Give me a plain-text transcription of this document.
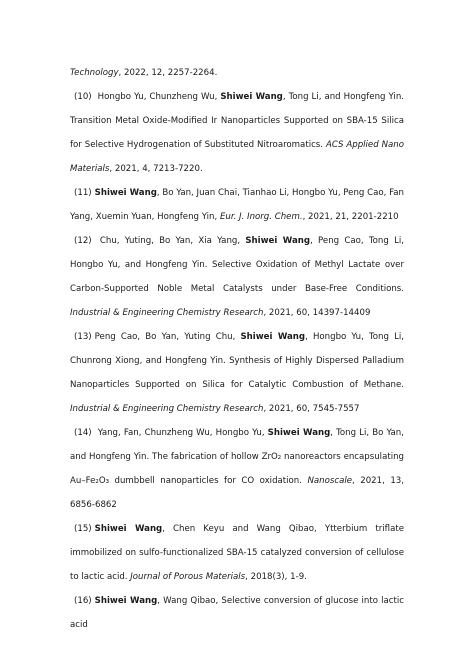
Technology, 2022, 12, 2257-2264.

(10) Hongbo Yu, Chunzheng Wu, Shiwei Wang, Tong Li, and Hongfeng Yin. Transition Metal Oxide-Modified Ir Nanoparticles Supported on SBA-15 Silica for Selective Hydrogenation of Substituted Nitroaromatics. ACS Applied Nano Materials, 2021, 4, 7213-7220.

(11) Shiwei Wang, Bo Yan, Juan Chai, Tianhao Li, Hongbo Yu, Peng Cao, Fan Yang, Xuemin Yuan, Hongfeng Yin, Eur. J. Inorg. Chem., 2021, 21, 2201-2210

(12) Chu, Yuting, Bo Yan, Xia Yang, Shiwei Wang, Peng Cao, Tong Li, Hongbo Yu, and Hongfeng Yin. Selective Oxidation of Methyl Lactate over Carbon-Supported Noble Metal Catalysts under Base-Free Conditions. Industrial & Engineering Chemistry Research, 2021, 60, 14397-14409

(13) Peng Cao, Bo Yan, Yuting Chu, Shiwei Wang, Hongbo Yu, Tong Li, Chunrong Xiong, and Hongfeng Yin. Synthesis of Highly Dispersed Palladium Nanoparticles Supported on Silica for Catalytic Combustion of Methane. Industrial & Engineering Chemistry Research, 2021, 60, 7545-7557

(14) Yang, Fan, Chunzheng Wu, Hongbo Yu, Shiwei Wang, Tong Li, Bo Yan, and Hongfeng Yin. The fabrication of hollow ZrO₂ nanoreactors encapsulating Au–Fe₂O₃ dumbbell nanoparticles for CO oxidation. Nanoscale, 2021, 13, 6856-6862

(15) Shiwei Wang, Chen Keyu and Wang Qibao, Ytterbium triflate immobilized on sulfo-functionalized SBA-15 catalyzed conversion of cellulose to lactic acid. Journal of Porous Materials, 2018(3), 1-9.

(16) Shiwei Wang, Wang Qibao, Selective conversion of glucose into lactic acid
